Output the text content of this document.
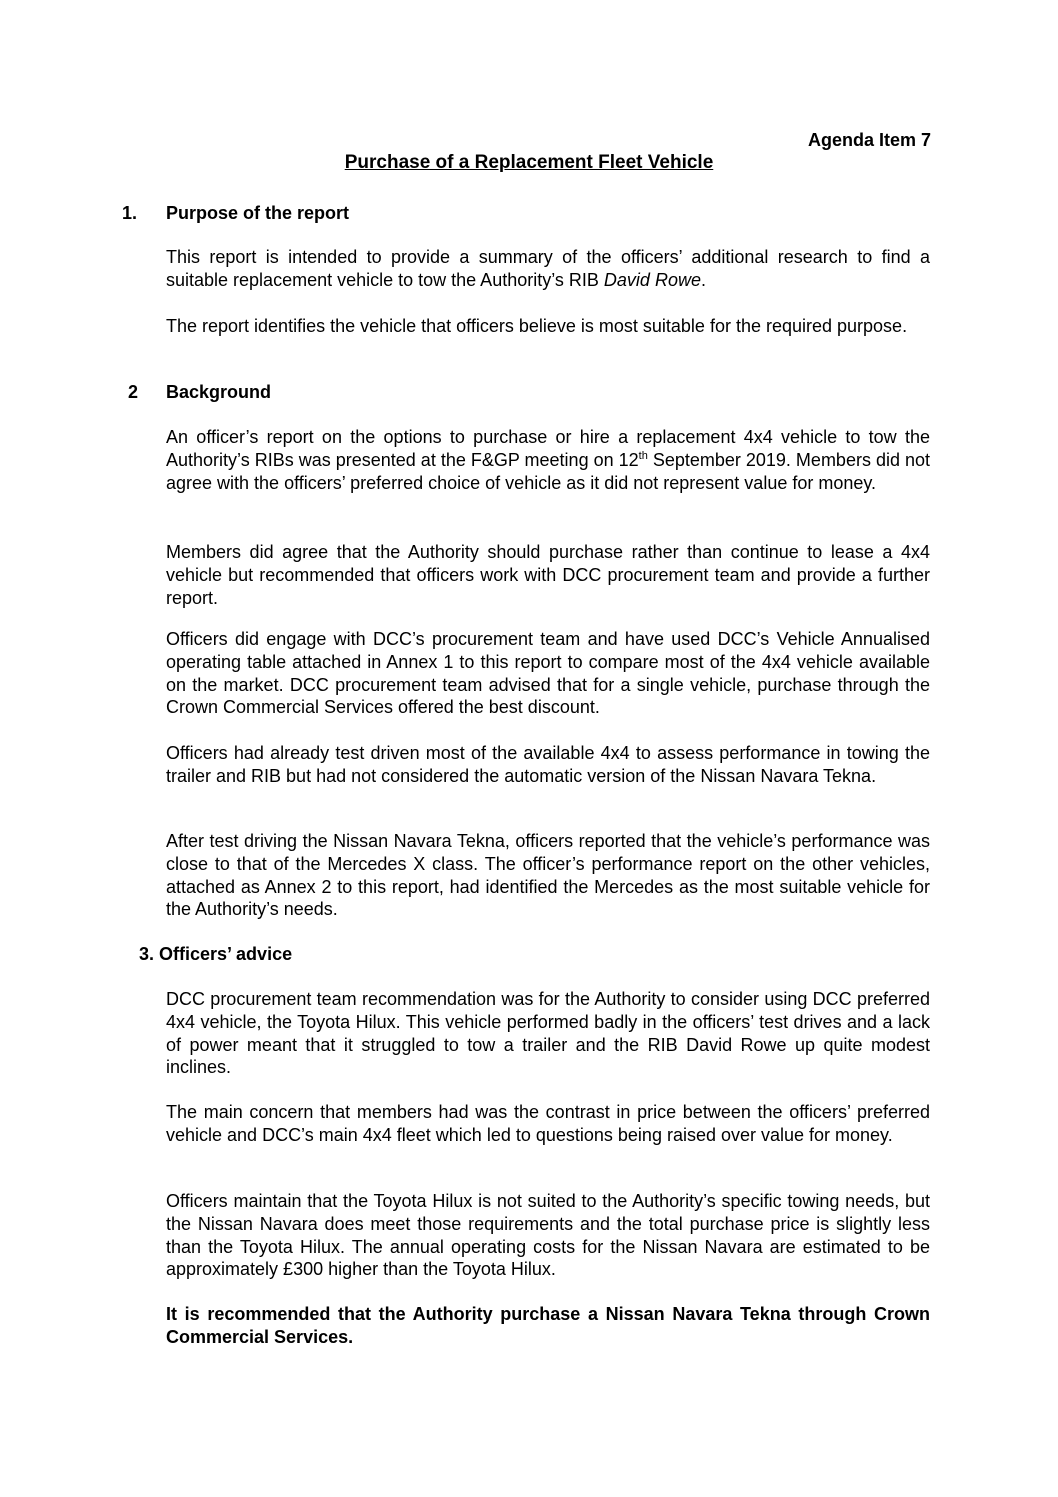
Agenda Item 7
Purchase of a Replacement Fleet Vehicle
1. Purpose of the report
This report is intended to provide a summary of the officers’ additional research to find a suitable replacement vehicle to tow the Authority’s RIB David Rowe.
The report identifies the vehicle that officers believe is most suitable for the required purpose.
2 Background
An officer’s report on the options to purchase or hire a replacement 4x4 vehicle to tow the Authority’s RIBs was presented at the F&GP meeting on 12th September 2019. Members did not agree with the officers’ preferred choice of vehicle as it did not represent value for money.
Members did agree that the Authority should purchase rather than continue to lease a 4x4 vehicle but recommended that officers work with DCC procurement team and provide a further report.
Officers did engage with DCC’s procurement team and have used DCC’s Vehicle Annualised operating table attached in Annex 1 to this report to compare most of the 4x4 vehicle available on the market. DCC procurement team advised that for a single vehicle, purchase through the Crown Commercial Services offered the best discount.
Officers had already test driven most of the available 4x4 to assess performance in towing the trailer and RIB but had not considered the automatic version of the Nissan Navara Tekna.
After test driving the Nissan Navara Tekna, officers reported that the vehicle’s performance was close to that of the Mercedes X class. The officer’s performance report on the other vehicles, attached as Annex 2 to this report, had identified the Mercedes as the most suitable vehicle for the Authority’s needs.
3. Officers’ advice
DCC procurement team recommendation was for the Authority to consider using DCC preferred 4x4 vehicle, the Toyota Hilux. This vehicle performed badly in the officers’ test drives and a lack of power meant that it struggled to tow a trailer and the RIB David Rowe up quite modest inclines.
The main concern that members had was the contrast in price between the officers’ preferred vehicle and DCC’s main 4x4 fleet which led to questions being raised over value for money.
Officers maintain that the Toyota Hilux is not suited to the Authority’s specific towing needs, but the Nissan Navara does meet those requirements and the total purchase price is slightly less than the Toyota Hilux. The annual operating costs for the Nissan Navara are estimated to be approximately £300 higher than the Toyota Hilux.
It is recommended that the Authority purchase a Nissan Navara Tekna through Crown Commercial Services.
